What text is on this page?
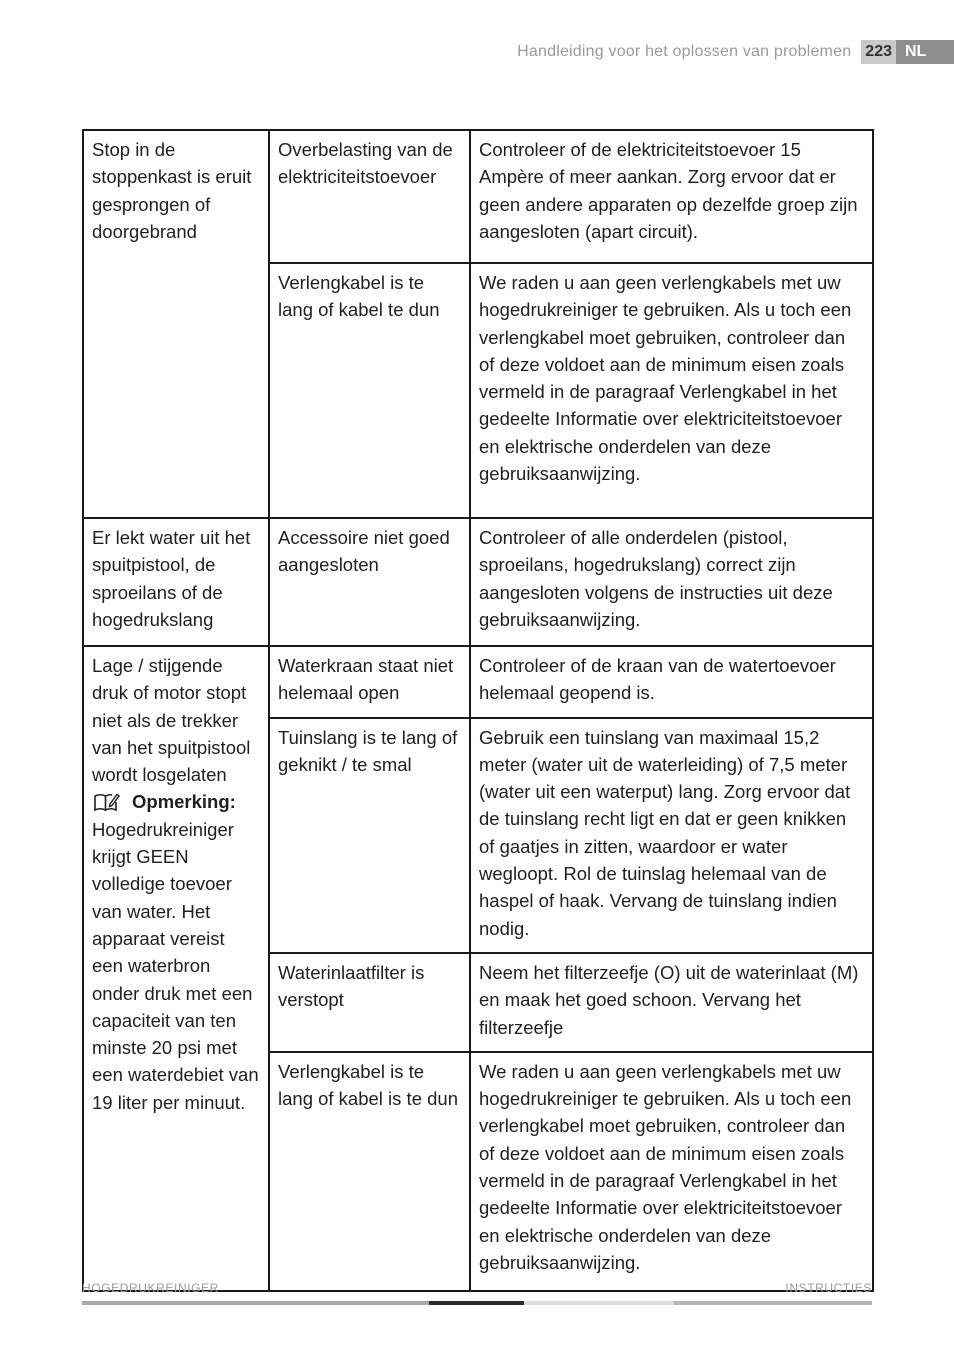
Handleiding voor het oplossen van problemen 223 NL
Stop in de stoppenkast is eruit gesprongen of doorgebrand	Overbelasting van de elektriciteitstoevoer	Controleer of de elektriciteitstoevoer 15 Ampère of meer aankan. Zorg ervoor dat er geen andere apparaten op dezelfde groep zijn aangesloten (apart circuit).
	Verlengkabel is te lang of kabel te dun	We raden u aan geen verlengkabels met uw hogedrukreiniger te gebruiken. Als u toch een verlengkabel moet gebruiken, controleer dan of deze voldoet aan de minimum eisen zoals vermeld in de paragraaf Verlengkabel in het gedeelte Informatie over elektriciteitstoevoer en elektrische onderdelen van deze gebruiksaanwijzing.
Er lekt water uit het spuitpistool, de sproeilans of de hogedrukslang	Accessoire niet goed aangesloten	Controleer of alle onderdelen (pistool, sproeilans, hogedrukslang) correct zijn aangesloten volgens de instructies uit deze gebruiksaanwijzing.

Lage / stijgende druk of motor stopt niet als de trekker van het spuitpistool wordt losgelaten
Opmerking:
Hogedrukreiniger krijgt GEEN volledige toevoer van water. Het apparaat vereist een waterbron onder druk met een capaciteit van ten minste 20 psi met een waterdebiet van 19 liter per minuut.	Waterkraan staat niet helemaal open	Controleer of de kraan van de watertoevoer helemaal geopend is.
	Tuinslang is te lang of geknikt / te smal	Gebruik een tuinslang van maximaal 15,2 meter (water uit de waterleiding) of 7,5 meter (water uit een waterput) lang. Zorg ervoor dat de tuinslang recht ligt en dat er geen knikken of gaatjes in zitten, waardoor er water wegloopt. Rol de tuinslag helemaal van de haspel of haak. Vervang de tuinslang indien nodig.
	Waterinlaatfilter is verstopt	Neem het filterzeefje (O) uit de waterinlaat (M) en maak het goed schoon. Vervang het filterzeefje
	Verlengkabel is te lang of kabel is te dun	We raden u aan geen verlengkabels met uw hogedrukreiniger te gebruiken. Als u toch een verlengkabel moet gebruiken, controleer dan of deze voldoet aan de minimum eisen zoals vermeld in de paragraaf Verlengkabel in het gedeelte Informatie over elektriciteitstoevoer en elektrische onderdelen van deze gebruiksaanwijzing.
HOGEDRUKREINIGER	INSTRUCTIES
